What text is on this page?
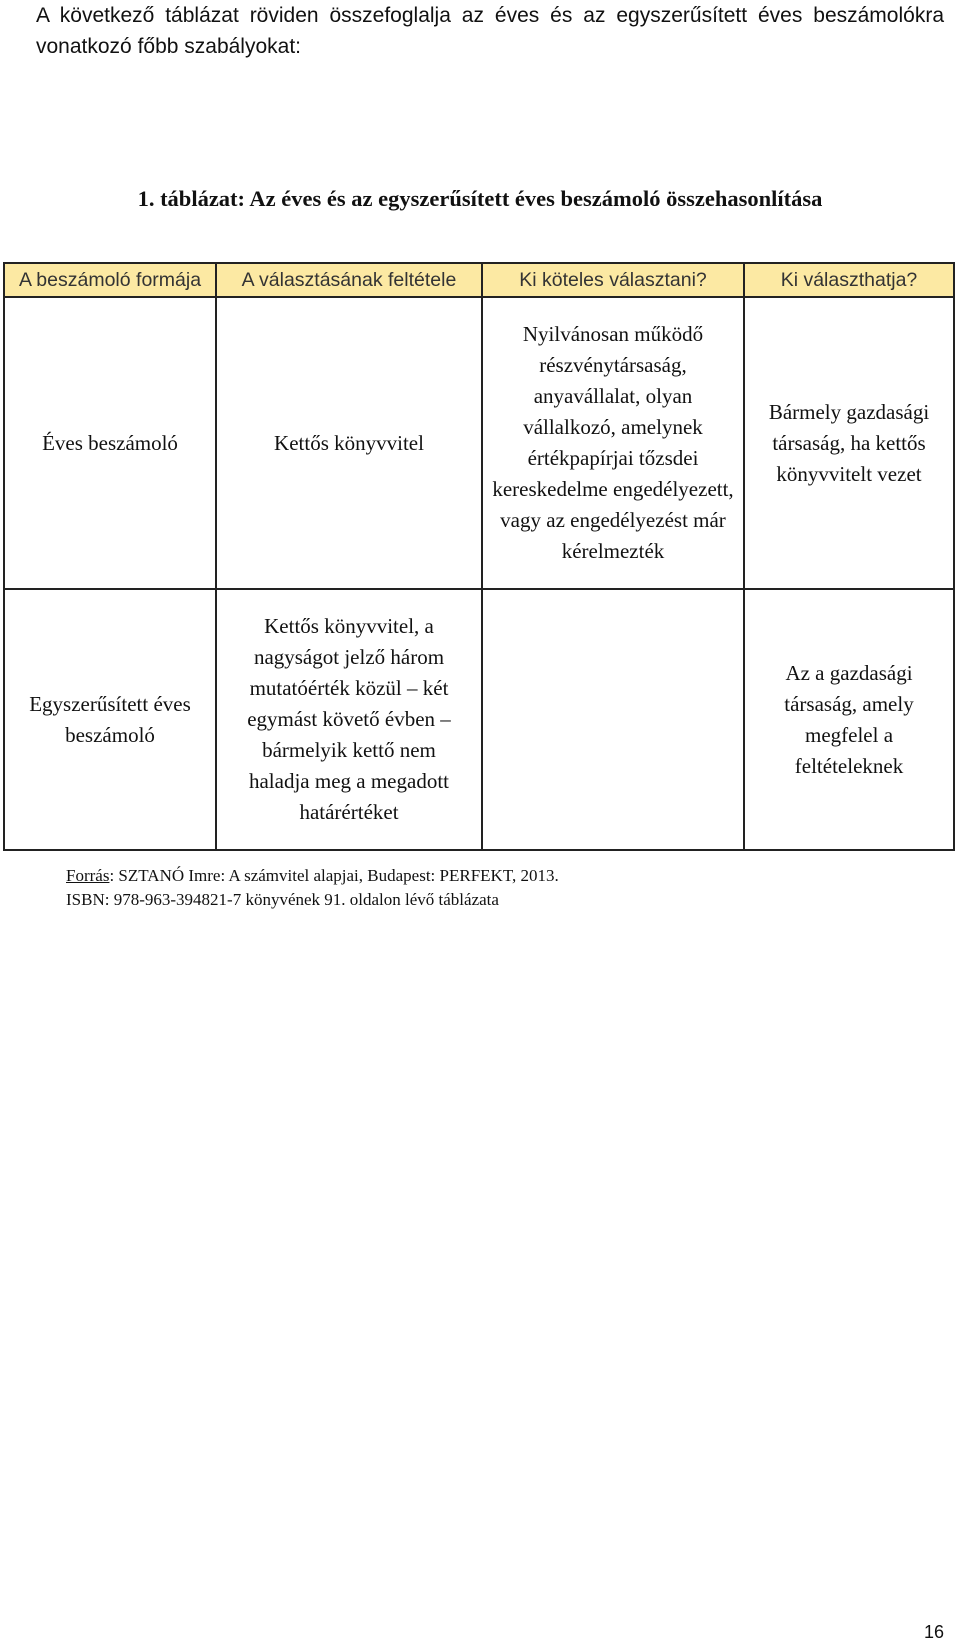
A következő táblázat röviden összefoglalja az éves és az egyszerűsített éves beszámolókra vonatkozó főbb szabályokat:
1. táblázat: Az éves és az egyszerűsített éves beszámoló összehasonlítása
A beszámoló formája	A választásának feltétele	Ki köteles választani?	Ki választhatja?
Éves beszámoló	Kettős könyvvitel	Nyilvánosan működő részvénytársaság, anyavállalat, olyan vállalkozó, amelynek értékpapírjai tőzsdei kereskedelme engedélyezett, vagy az engedélyezést már kérelmezték	Bármely gazdasági társaság, ha kettős könyvvitelt vezet
Egyszerűsített éves beszámoló	Kettős könyvvitel, a nagyságot jelző három mutatóérték közül – két egymást követő évben – bármelyik kettő nem haladja meg a megadott határértéket		Az a gazdasági társaság, amely megfelel a feltételeknek
Forrás: SZTANÓ Imre: A számvitel alapjai, Budapest: PERFEKT, 2013.
ISBN: 978-963-394821-7 könyvének 91. oldalon lévő táblázata
16
